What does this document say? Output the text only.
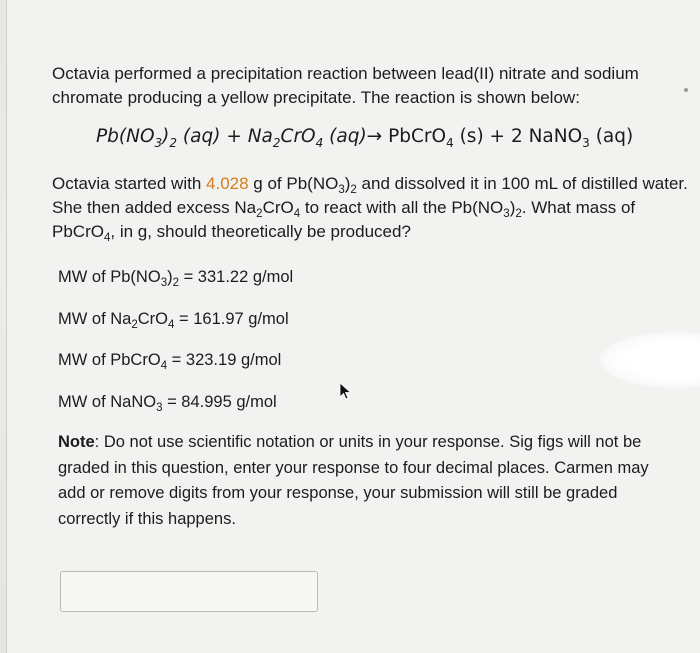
Octavia performed a precipitation reaction between lead(II) nitrate and sodium chromate producing a yellow precipitate. The reaction is shown below:

$Pb(NO_3)_2$ $(aq) + Na_2CrO_4$ (aq)→ PbCrO$_4$ (s) + 2 NaNO$_3$ (aq)

Octavia started with 4.028 g of $Pb(NO_3)_2$ and dissolved it in 100 mL of distilled water. She then added excess $Na_2CrO_4$ to react with all the $Pb(NO_3)_2$. What mass of PbCrO$_4$, in g, should theoretically be produced?

MW of $Pb(NO_3)_2 = 331.22$ g/mol

MW of $Na_2CrO_4 = 161.97$ g/mol

MW of PbCrO$_4$ = 323.19 g/mol

MW of NaNO$_3$ = 84.995 g/mol

Note: Do not use scientific notation or units in your response. Sig figs will not be graded in this question, enter your response to four decimal places. Carmen may add or remove digits from your response, your submission will still be graded correctly if this happens.
